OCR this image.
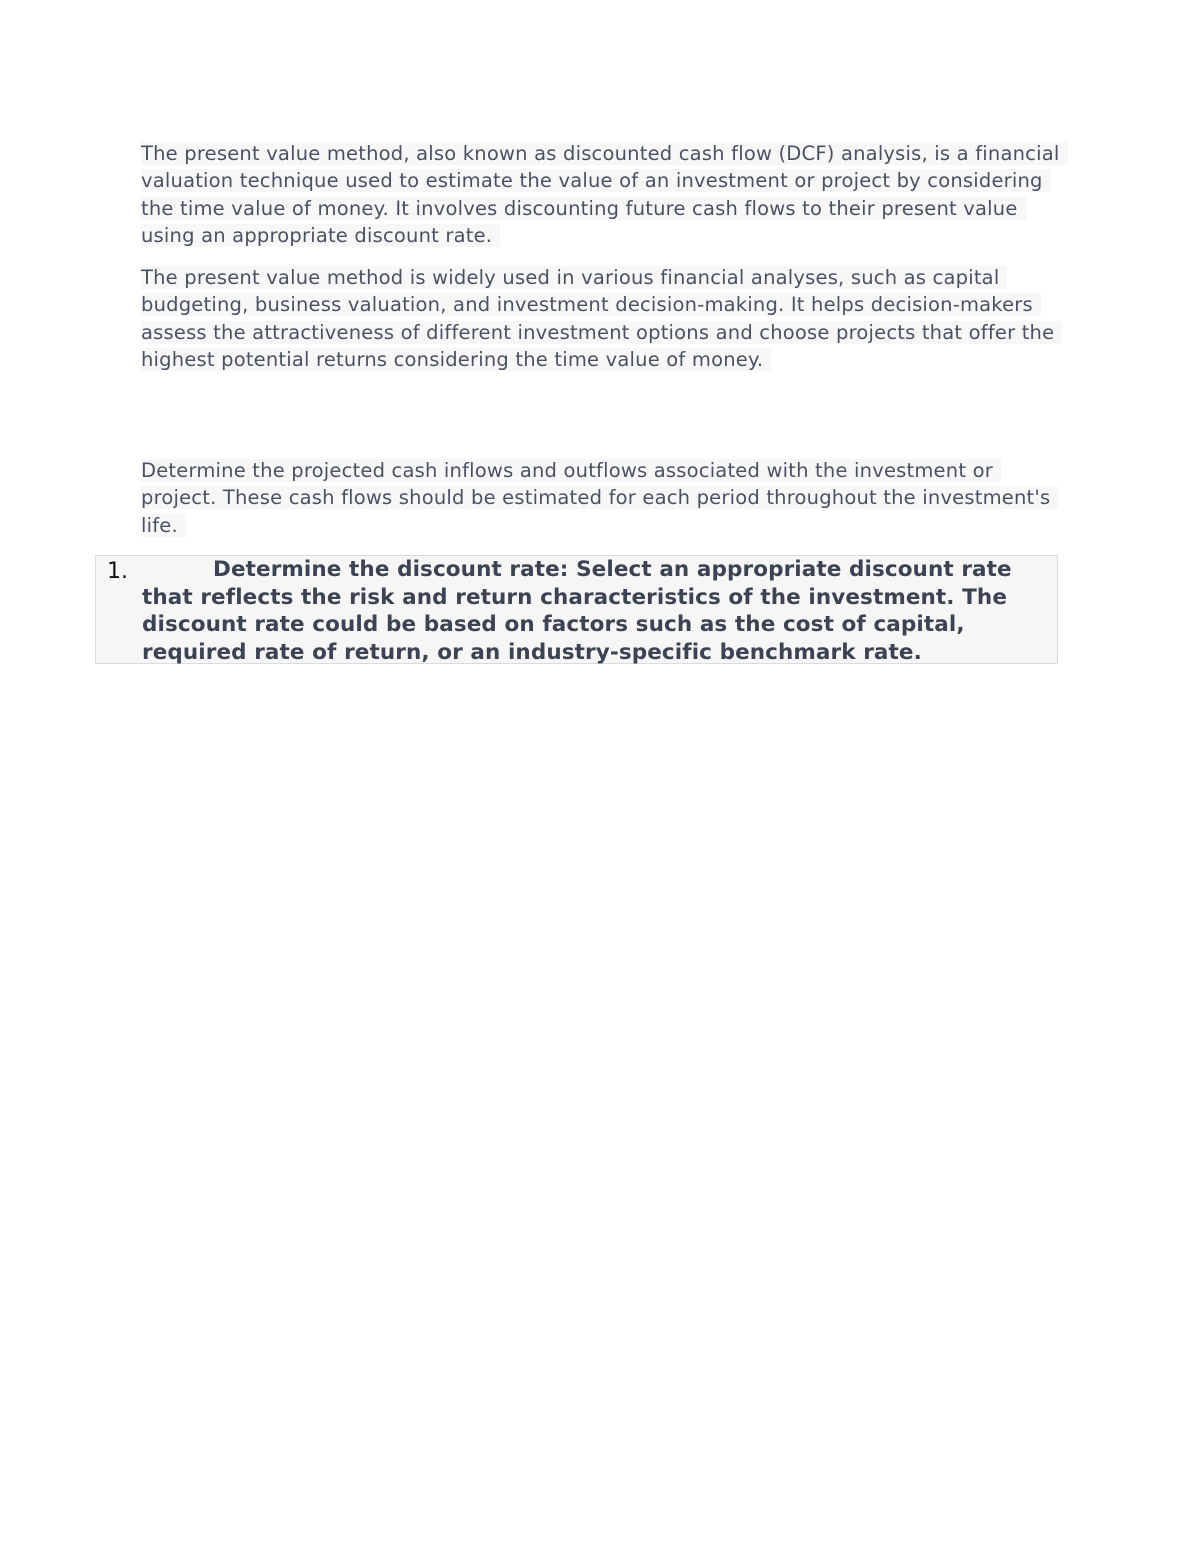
The present value method, also known as discounted cash flow (DCF) analysis, is a financial valuation technique used to estimate the value of an investment or project by considering the time value of money. It involves discounting future cash flows to their present value using an appropriate discount rate.

The present value method is widely used in various financial analyses, such as capital budgeting, business valuation, and investment decision-making. It helps decision-makers assess the attractiveness of different investment options and choose projects that offer the highest potential returns considering the time value of money.

Determine the projected cash inflows and outflows associated with the investment or project. These cash flows should be estimated for each period throughout the investment's life.

1.	Determine the discount rate: Select an appropriate discount rate that reflects the risk and return characteristics of the investment. The discount rate could be based on factors such as the cost of capital, required rate of return, or an industry-specific benchmark rate.
